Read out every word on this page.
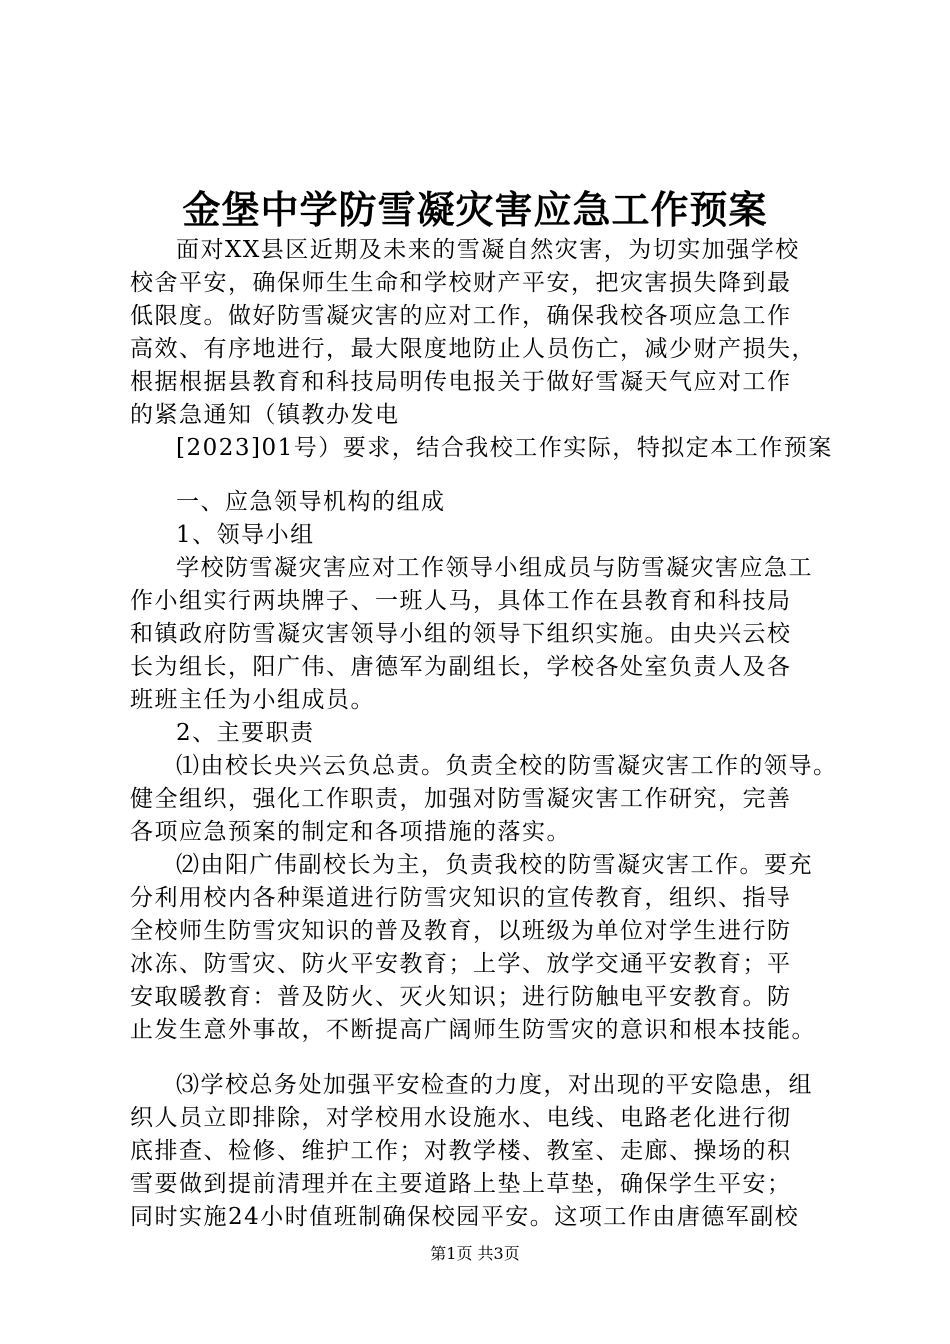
金堡中学防雪凝灾害应急工作预案
面对XX县区近期及未来的雪凝自然灾害，为切实加强学校
校舍平安，确保师生生命和学校财产平安，把灾害损失降到最
低限度。做好防雪凝灾害的应对工作，确保我校各项应急工作
高效、有序地进行，最大限度地防止人员伤亡，减少财产损失，
根据根据县教育和科技局明传电报关于做好雪凝天气应对工作
的紧急通知（镇教办发电
[2023]01号）要求，结合我校工作实际，特拟定本工作预案
一、应急领导机构的组成
1、领导小组
学校防雪凝灾害应对工作领导小组成员与防雪凝灾害应急工
作小组实行两块牌子、一班人马，具体工作在县教育和科技局
和镇政府防雪凝灾害领导小组的领导下组织实施。由央兴云校
长为组长，阳广伟、唐德军为副组长，学校各处室负责人及各
班班主任为小组成员。
2、主要职责
⑴由校长央兴云负总责。负责全校的防雪凝灾害工作的领导。
健全组织，强化工作职责，加强对防雪凝灾害工作研究，完善
各项应急预案的制定和各项措施的落实。
⑵由阳广伟副校长为主，负责我校的防雪凝灾害工作。要充
分利用校内各种渠道进行防雪灾知识的宣传教育，组织、指导
全校师生防雪灾知识的普及教育，以班级为单位对学生进行防
冰冻、防雪灾、防火平安教育；上学、放学交通平安教育；平
安取暖教育：普及防火、灭火知识；进行防触电平安教育。防
止发生意外事故，不断提高广阔师生防雪灾的意识和根本技能。
⑶学校总务处加强平安检查的力度，对出现的平安隐患，组
织人员立即排除，对学校用水设施水、电线、电路老化进行彻
底排查、检修、维护工作；对教学楼、教室、走廊、操场的积
雪要做到提前清理并在主要道路上垫上草垫，确保学生平安；
同时实施24小时值班制确保校园平安。这项工作由唐德军副校
第1页 共3页
